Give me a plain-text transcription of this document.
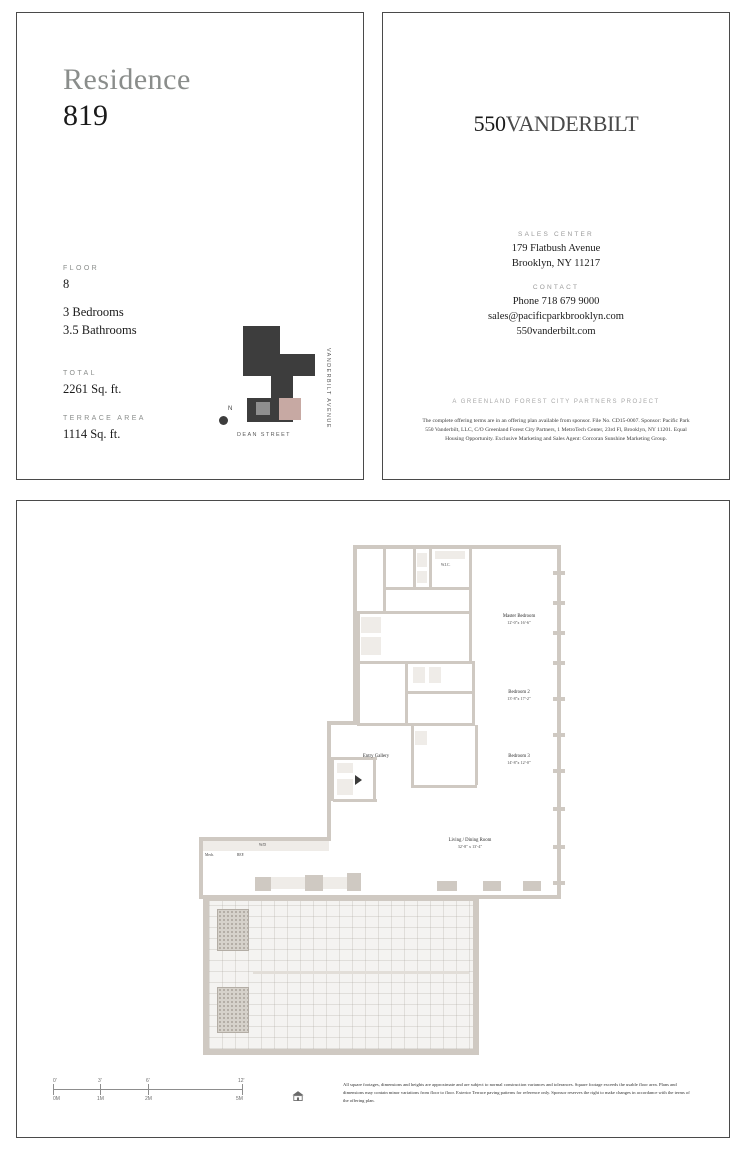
Residence
819
FLOOR
8
3 Bedrooms
3.5 Bathrooms
TOTAL
2261 Sq. ft.
TERRACE AREA
1114 Sq. ft.
N	VANDERBILT AVENUE
DEAN STREET
550VANDERBILT
SALES CENTER
179 Flatbush Avenue
Brooklyn, NY 11217
CONTACT
Phone 718 679 9000
sales@pacificparkbrooklyn.com
550vanderbilt.com
A GREENLAND FOREST CITY PARTNERS PROJECT
The complete offering terms are in an offering plan available from sponsor. File No. CD15-0007. Sponsor: Pacific Park 550 Vanderbilt, LLC, C/O Greenland Forest City Partners, 1 MetroTech Center, 23rd Fl, Brooklyn, NY 11201. Equal Housing Opportunity. Exclusive Marketing and Sales Agent: Corcoran Sunshine Marketing Group.
Master Bedroom
12'-0"x 16'-6"
Bedroom 2
13'-8"x 17'-2"
Bedroom 3
14'-8"x 12'-0"
Living / Dining Room
32'-8" x 13'-4"
Entry Gallery
W.I.C.
W/D
Mech.	REF.
0'	3'	6'	12'
0M	1M	2M	5M
All square footages, dimensions and heights are approximate and are subject to normal construction variances and tolerances. Square footage exceeds the usable floor area. Plans and dimensions may contain minor variations from floor to floor. Exterior Terrace paving patterns for reference only. Sponsor reserves the right to make changes in accordance with the terms of the offering plan.
